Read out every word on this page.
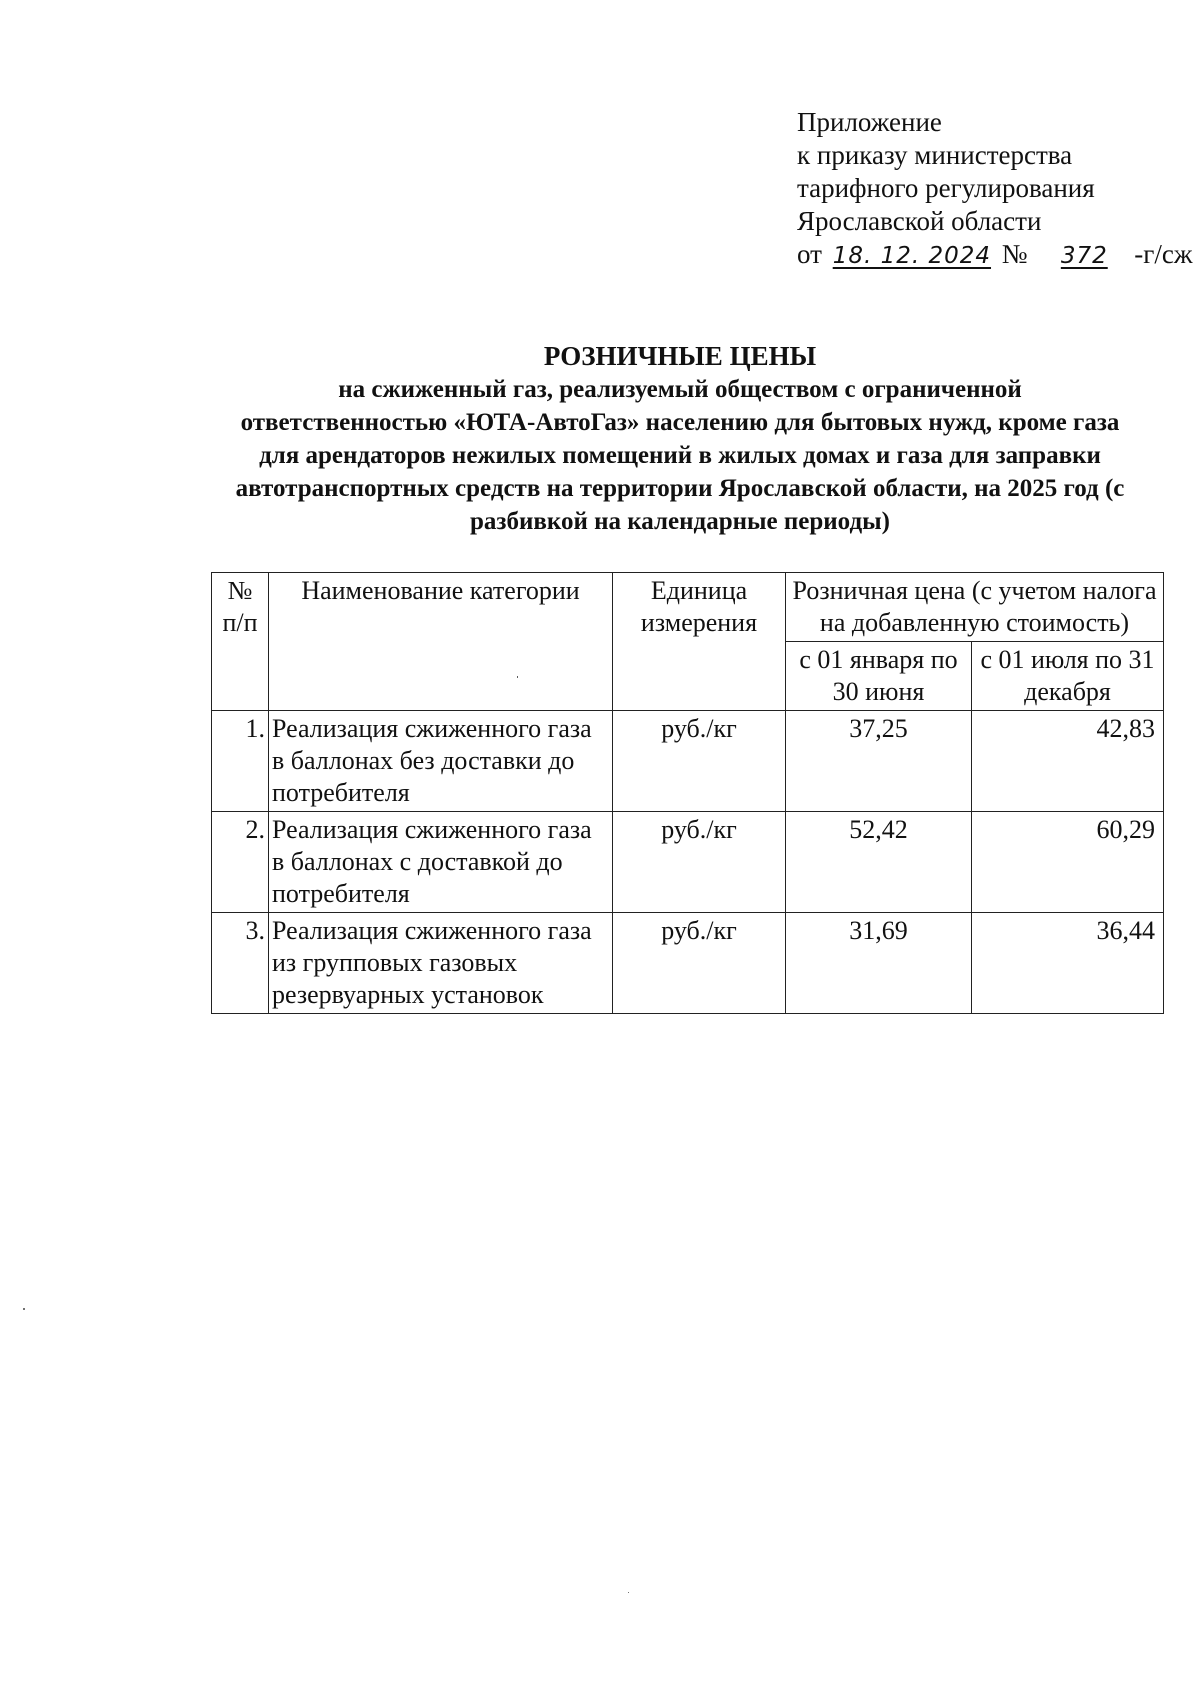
Приложение
к приказу министерства
тарифного регулирования
Ярославской области
от 18. 12. 2024 № 372 -г/сж
РОЗНИЧНЫЕ ЦЕНЫ
на сжиженный газ, реализуемый обществом с ограниченной ответственностью «ЮТА-АвтоГаз» населению для бытовых нужд, кроме газа для арендаторов нежилых помещений в жилых домах и газа для заправки автотранспортных средств на территории Ярославской области, на 2025 год (с разбивкой на календарные периоды)
№ п/п	Наименование категории	Единица измерения	Розничная цена (с учетом налога на добавленную стоимость)	
			с 01 января по 30 июня	с 01 июля по 31 декабря
1.	Реализация сжиженного газа в баллонах без доставки до потребителя	руб./кг	37,25	42,83
2.	Реализация сжиженного газа в баллонах с доставкой до потребителя	руб./кг	52,42	60,29
3.	Реализация сжиженного газа из групповых газовых резервуарных установок	руб./кг	31,69	36,44
